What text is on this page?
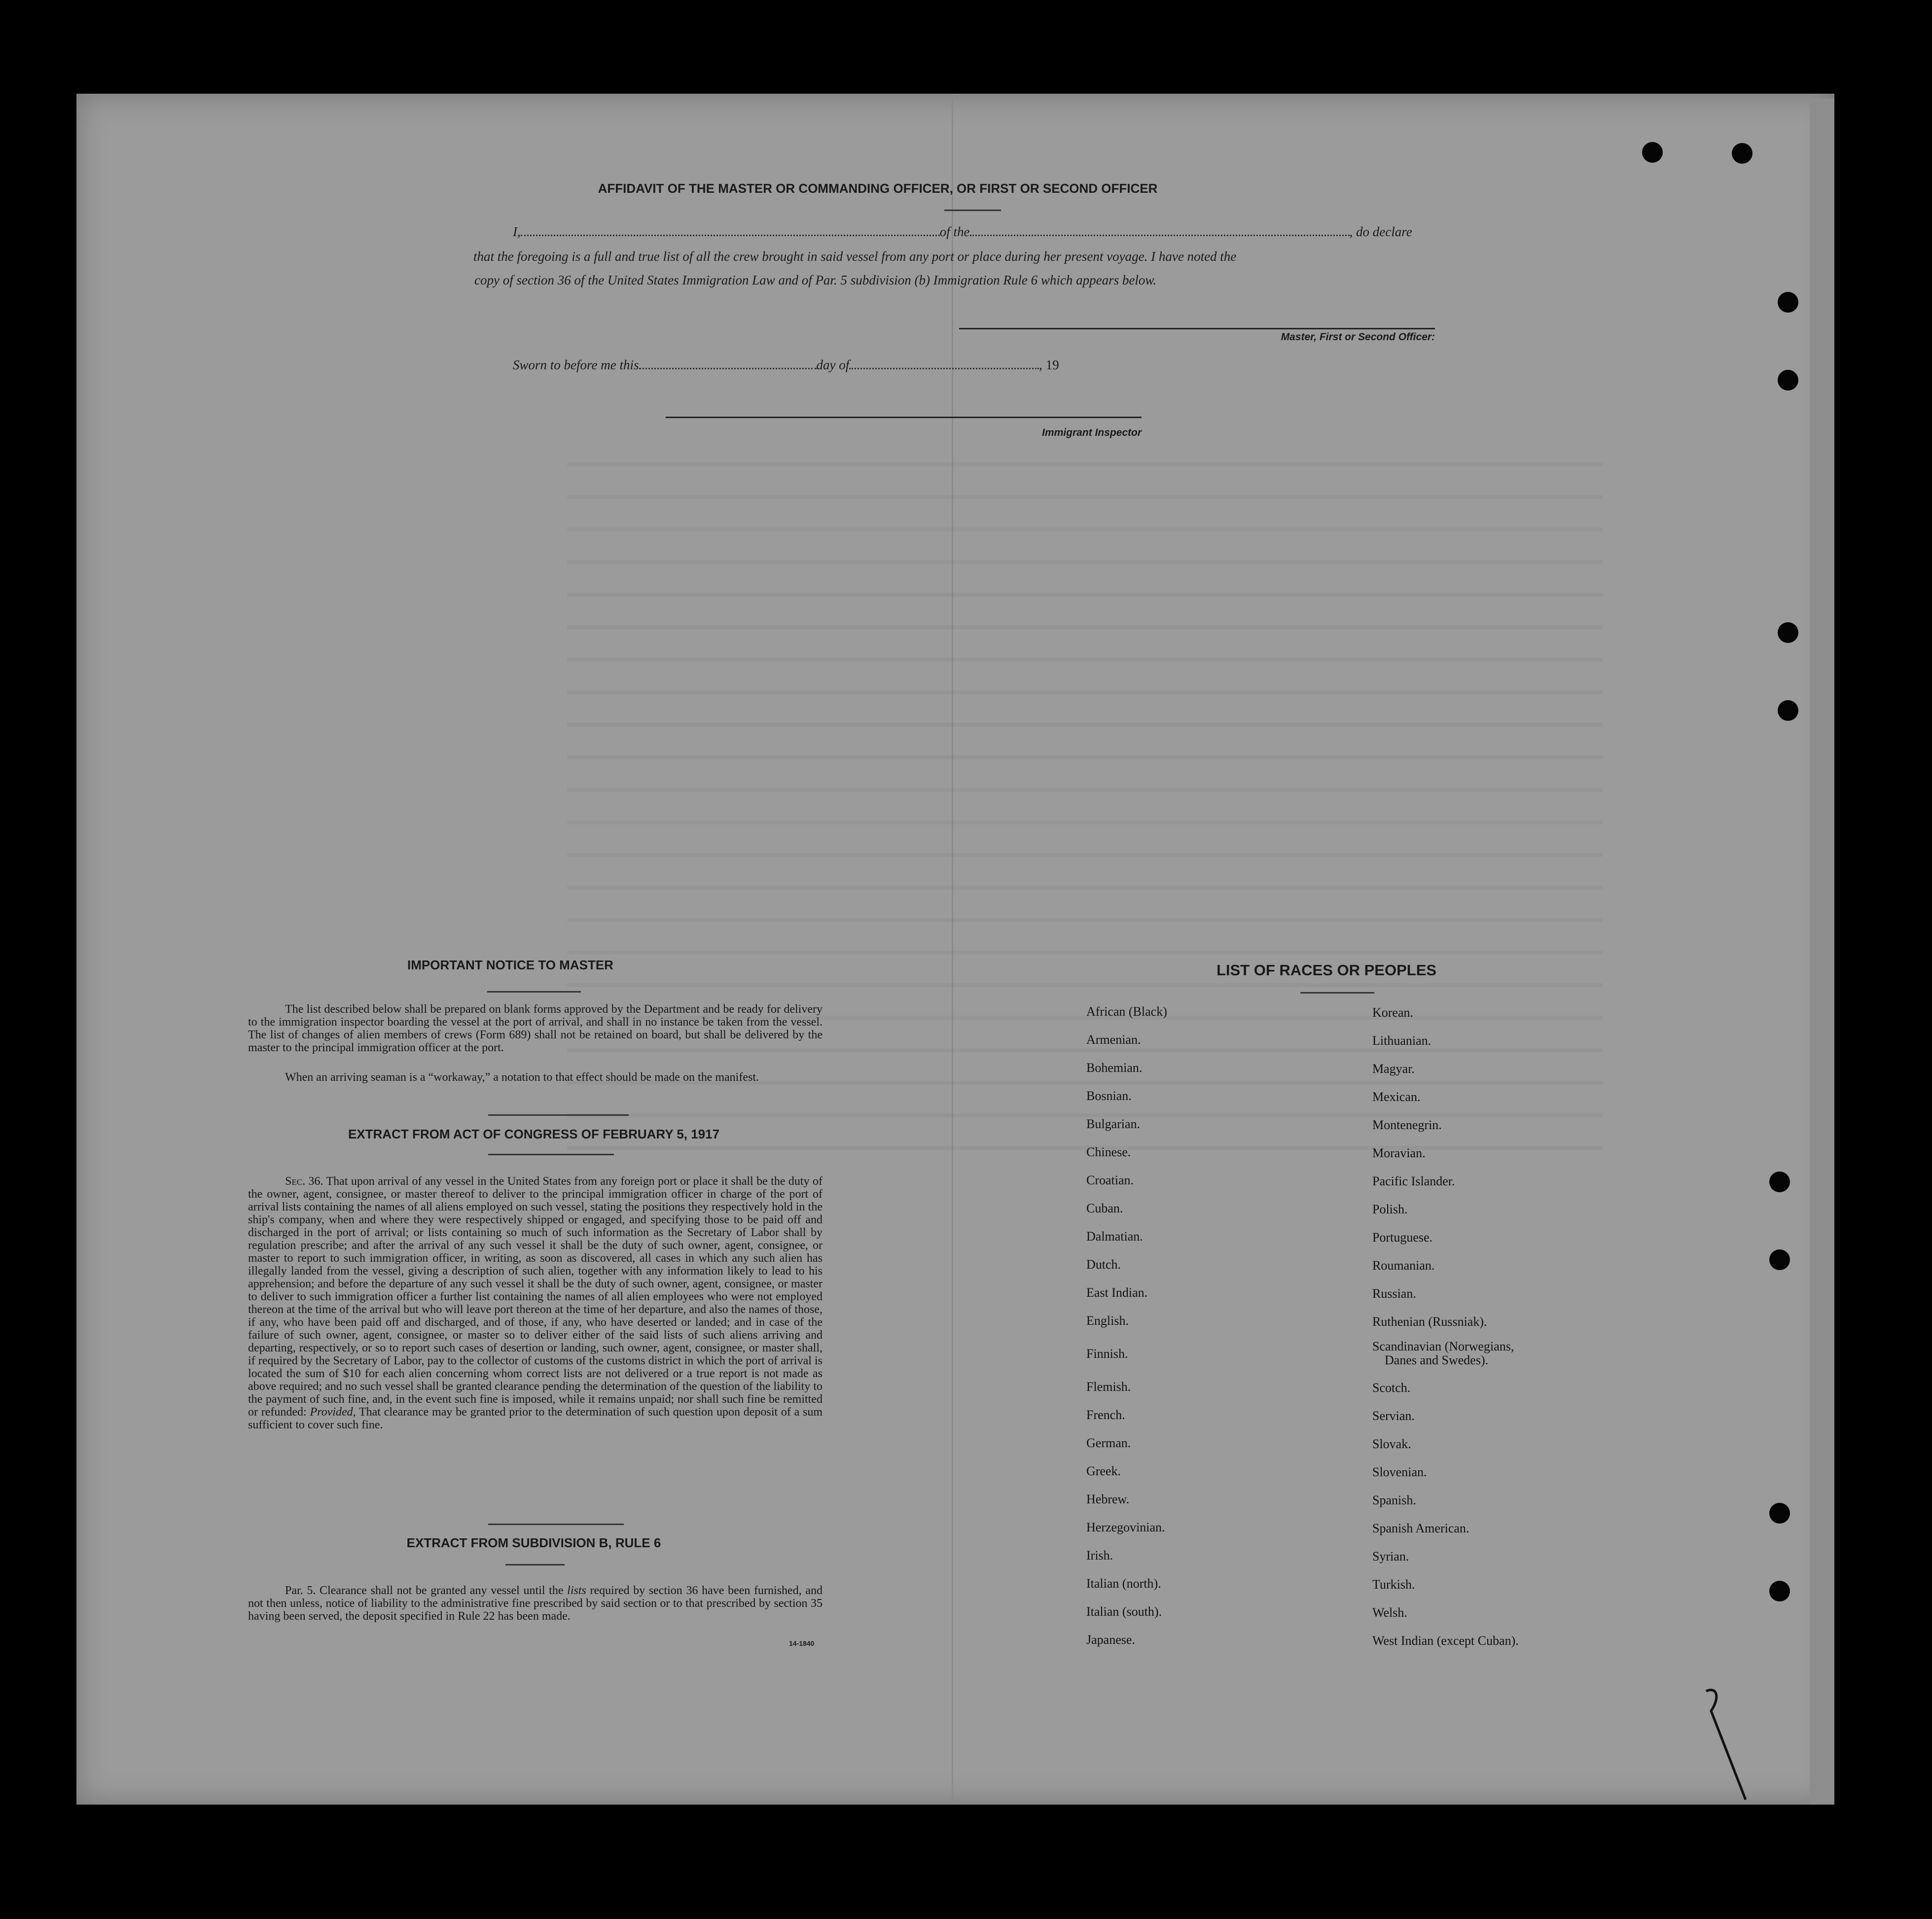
AFFIDAVIT OF THE MASTER OR COMMANDING OFFICER, OR FIRST OR SECOND OFFICER
I,	of the	, do declare
that the foregoing is a full and true list of all the crew brought in said vessel from any port or place during her present voyage. I have noted the
copy of section 36 of the United States Immigration Law and of Par. 5 subdivision (b) Immigration Rule 6 which appears below.
Master, First or Second Officer:
Sworn to before me this	day of	, 19
Immigrant Inspector
IMPORTANT NOTICE TO MASTER
The list described below shall be prepared on blank forms approved by the Department and be ready for delivery to the immigration inspector boarding the vessel at the port of arrival, and shall in no instance be taken from the vessel. The list of changes of alien members of crews (Form 689) shall not be retained on board, but shall be delivered by the master to the principal immigration officer at the port.
When an arriving seaman is a “workaway,” a notation to that effect should be made on the manifest.
EXTRACT FROM ACT OF CONGRESS OF FEBRUARY 5, 1917
Sec. 36. That upon arrival of any vessel in the United States from any foreign port or place it shall be the duty of the owner, agent, consignee, or master thereof to deliver to the principal immigration officer in charge of the port of arrival lists containing the names of all aliens employed on such vessel, stating the positions they respectively hold in the ship's company, when and where they were respectively shipped or engaged, and specifying those to be paid off and discharged in the port of arrival; or lists containing so much of such information as the Secretary of Labor shall by regulation prescribe; and after the arrival of any such vessel it shall be the duty of such owner, agent, consignee, or master to report to such immigration officer, in writing, as soon as discovered, all cases in which any such alien has illegally landed from the vessel, giving a description of such alien, together with any information likely to lead to his apprehension; and before the departure of any such vessel it shall be the duty of such owner, agent, consignee, or master to deliver to such immigration officer a further list containing the names of all alien employees who were not employed thereon at the time of the arrival but who will leave port thereon at the time of her departure, and also the names of those, if any, who have been paid off and discharged, and of those, if any, who have deserted or landed; and in case of the failure of such owner, agent, consignee, or master so to deliver either of the said lists of such aliens arriving and departing, respectively, or so to report such cases of desertion or landing, such owner, agent, consignee, or master shall, if required by the Secretary of Labor, pay to the collector of customs of the customs district in which the port of arrival is located the sum of $10 for each alien concerning whom correct lists are not delivered or a true report is not made as above required; and no such vessel shall be granted clearance pending the determination of the question of the liability to the payment of such fine, and, in the event such fine is imposed, while it remains unpaid; nor shall such fine be remitted or refunded: Provided, That clearance may be granted prior to the determination of such question upon deposit of a sum sufficient to cover such fine.
EXTRACT FROM SUBDIVISION B, RULE 6
Par. 5. Clearance shall not be granted any vessel until the lists required by section 36 have been furnished, and not then unless, notice of liability to the administrative fine prescribed by said section or to that prescribed by section 35 having been served, the deposit specified in Rule 22 has been made.
14-1840
LIST OF RACES OR PEOPLES
African (Black)
Armenian.
Bohemian.
Bosnian.
Bulgarian.
Chinese.
Croatian.
Cuban.
Dalmatian.
Dutch.
East Indian.
English.
Finnish.
Flemish.
French.
German.
Greek.
Hebrew.
Herzegovinian.
Irish.
Italian (north).
Italian (south).
Japanese.
Korean.
Lithuanian.
Magyar.
Mexican.
Montenegrin.
Moravian.
Pacific Islander.
Polish.
Portuguese.
Roumanian.
Russian.
Ruthenian (Russniak).
Scandinavian (Norwegians,
Danes and Swedes).
Scotch.
Servian.
Slovak.
Slovenian.
Spanish.
Spanish American.
Syrian.
Turkish.
Welsh.
West Indian (except Cuban).
